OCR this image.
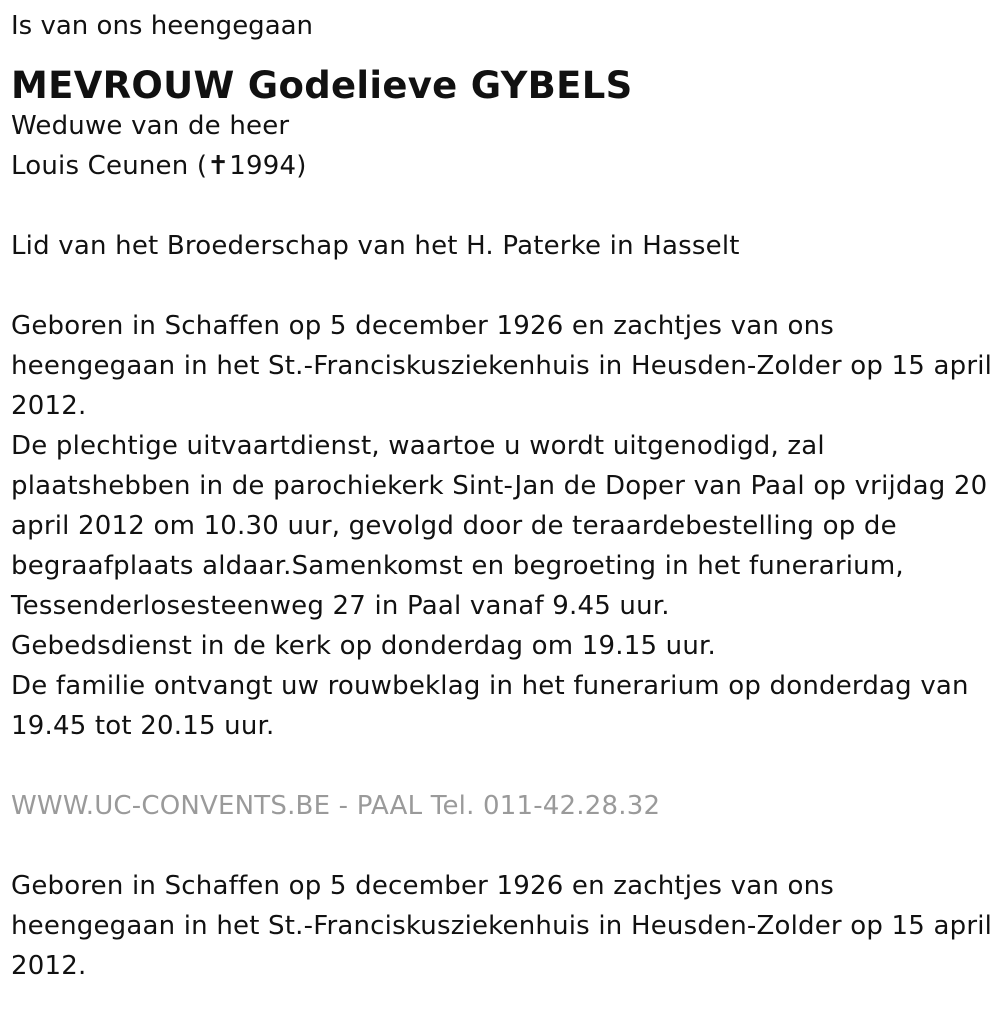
Is van ons heengegaan
MEVROUW Godelieve GYBELS
Weduwe van de heer
Louis Ceunen (✝1994)
Lid van het Broederschap van het H. Paterke in Hasselt
Geboren in Schaffen op 5 december 1926 en zachtjes van ons
heengegaan in het St.-Franciskusziekenhuis in Heusden-Zolder op 15 april
2012.
De plechtige uitvaartdienst, waartoe u wordt uitgenodigd, zal
plaatshebben in de parochiekerk Sint-Jan de Doper van Paal op vrijdag 20
april 2012 om 10.30 uur, gevolgd door de teraardebestelling op de
begraafplaats aldaar.Samenkomst en begroeting in het funerarium,
Tessenderlosesteenweg 27 in Paal vanaf 9.45 uur.
Gebedsdienst in de kerk op donderdag om 19.15 uur.
De familie ontvangt uw rouwbeklag in het funerarium op donderdag van
19.45 tot 20.15 uur.
WWW.UC-CONVENTS.BE - PAAL Tel. 011-42.28.32
Geboren in Schaffen op 5 december 1926 en zachtjes van ons
heengegaan in het St.-Franciskusziekenhuis in Heusden-Zolder op 15 april
2012.
